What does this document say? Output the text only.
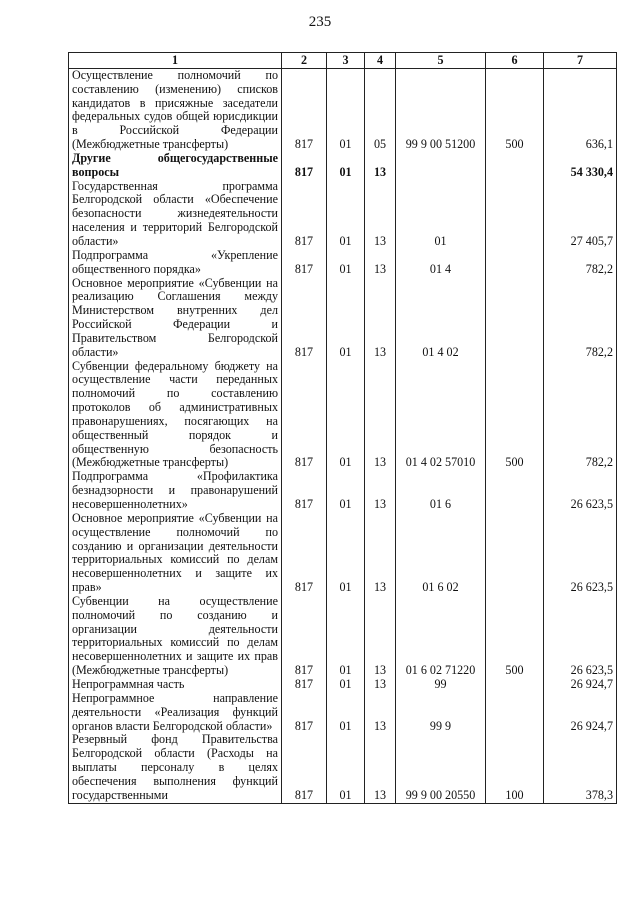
235
1	2	3	4	5	6	7
Осуществление полномочий по составлению (изменению) списков кандидатов в присяжные заседатели федеральных судов общей юрисдикции в Российской Федерации (Межбюджетные трансферты)	817	01	05	99 9 00 51200	500	636,1
Другие общегосударственные вопросы	817	01	13			54 330,4
Государственная программа Белгородской области «Обеспечение безопасности жизнедеятельности населения и территорий Белгородской области»	817	01	13	01		27 405,7
Подпрограмма «Укрепление общественного порядка»	817	01	13	01 4		782,2
Основное мероприятие «Субвенции на реализацию Соглашения между Министерством внутренних дел Российской Федерации и Правительством Белгородской области»	817	01	13	01 4 02		782,2
Субвенции федеральному бюджету на осуществление части переданных полномочий по составлению протоколов об административных правонарушениях, посягающих на общественный порядок и общественную безопасность (Межбюджетные трансферты)	817	01	13	01 4 02 57010	500	782,2
Подпрограмма «Профилактика безнадзорности и правонарушений несовершеннолетних»	817	01	13	01 6		26 623,5
Основное мероприятие «Субвенции на осуществление полномочий по созданию и организации деятельности территориальных комиссий по делам несовершеннолетних и защите их прав»	817	01	13	01 6 02		26 623,5
Субвенции на осуществление полномочий по созданию и организации деятельности территориальных комиссий по делам несовершеннолетних и защите их прав (Межбюджетные трансферты)	817	01	13	01 6 02 71220	500	26 623,5
Непрограммная часть	817	01	13	99		26 924,7
Непрограммное направление деятельности «Реализация функций органов власти Белгородской области»	817	01	13	99 9		26 924,7
Резервный фонд Правительства Белгородской области (Расходы на выплаты персоналу в целях обеспечения выполнения функций государственными	817	01	13	99 9 00 20550	100	378,3
